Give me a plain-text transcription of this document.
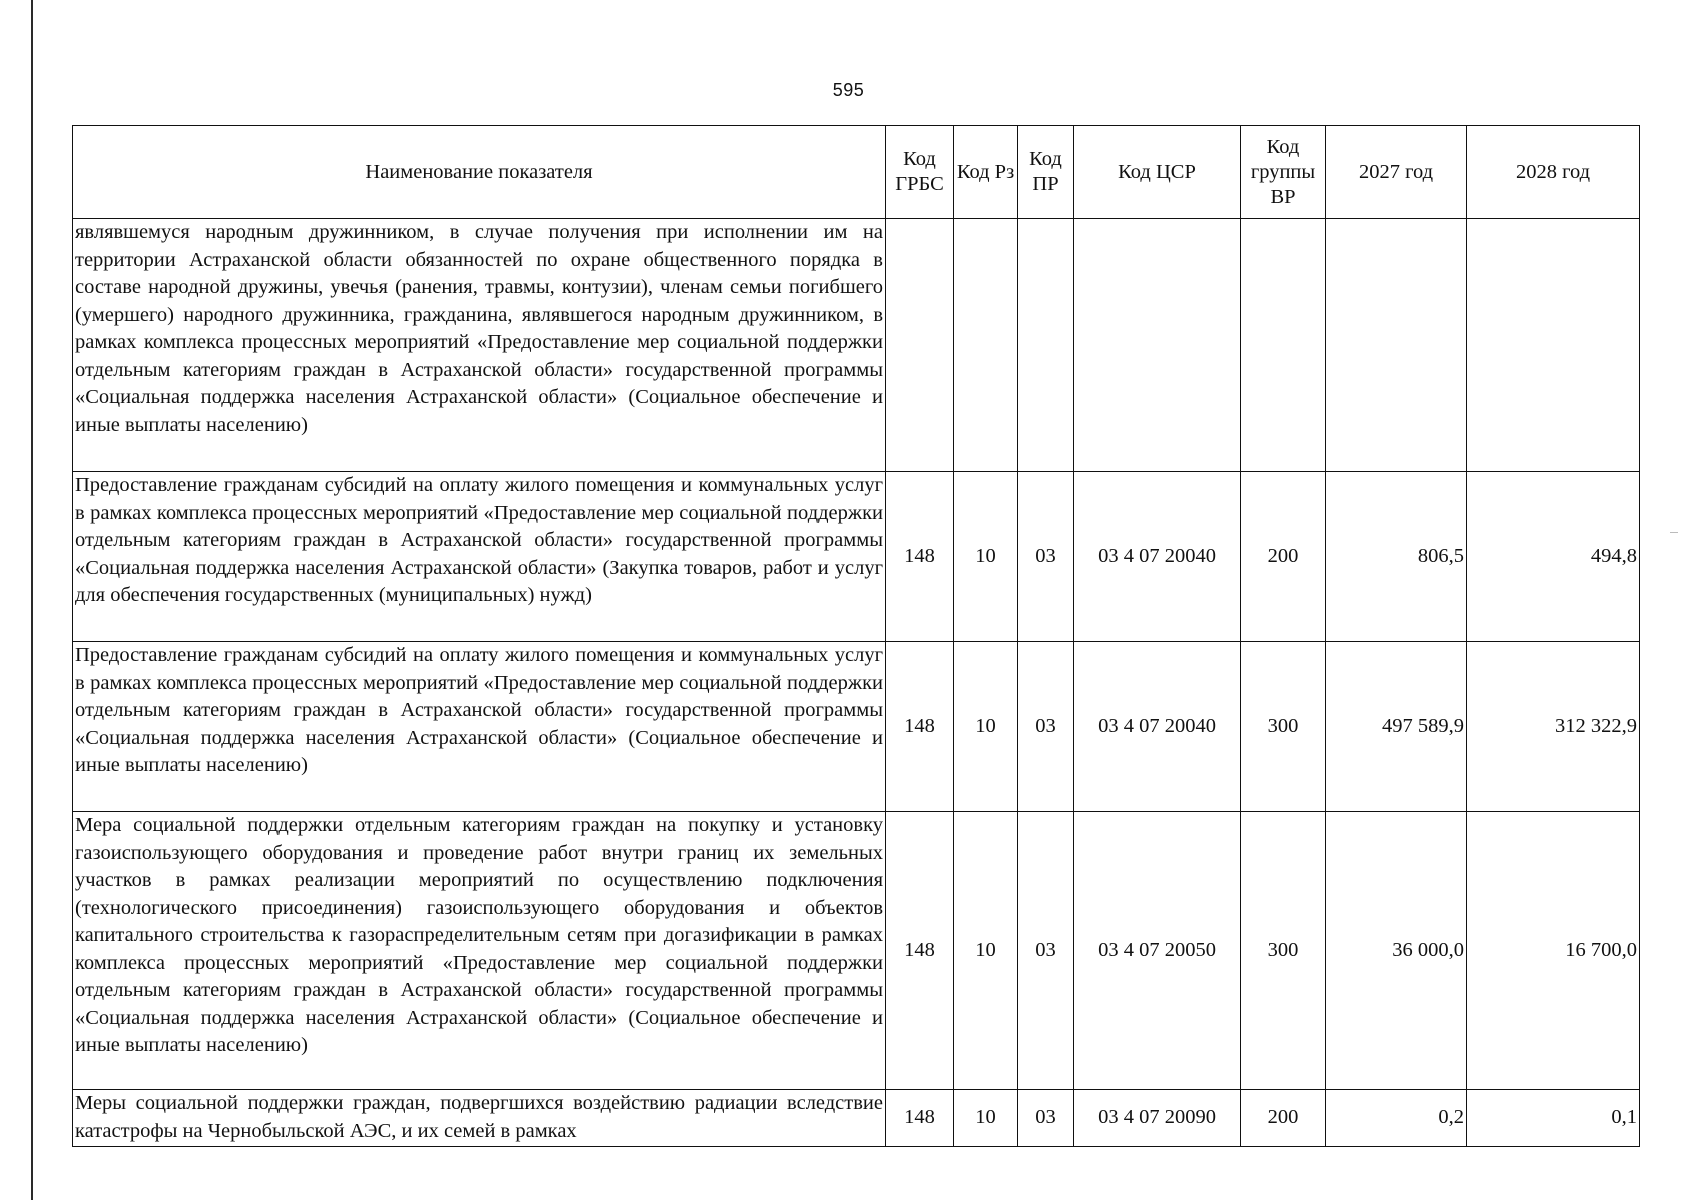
595
Наименование показателя	Код ГРБС	Код Рз	Код ПР	Код ЦСР	Код группы ВР	2027 год	2028 год
являвшемуся народным дружинником, в случае получения при исполнении им на территории Астраханской области обязанностей по охране общественного порядка в составе народной дружины, увечья (ранения, травмы, контузии), членам семьи погибшего (умершего) народного дружинника, гражданина, являвшегося народным дружинником, в рамках комплекса процессных мероприятий «Предоставление мер социальной поддержки отдельным категориям граждан в Астраханской области» государственной программы «Социальная поддержка населения Астраханской области» (Социальное обеспечение и иные выплаты населению)							
Предоставление гражданам субсидий на оплату жилого помещения и коммунальных услуг в рамках комплекса процессных мероприятий «Предоставление мер социальной поддержки отдельным категориям граждан в Астраханской области» государственной программы «Социальная поддержка населения Астраханской области» (Закупка товаров, работ и услуг для обеспечения государственных (муниципальных) нужд)	148	10	03	03 4 07 20040	200	806,5	494,8
Предоставление гражданам субсидий на оплату жилого помещения и коммунальных услуг в рамках комплекса процессных мероприятий «Предоставление мер социальной поддержки отдельным категориям граждан в Астраханской области» государственной программы «Социальная поддержка населения Астраханской области» (Социальное обеспечение и иные выплаты населению)	148	10	03	03 4 07 20040	300	497 589,9	312 322,9
Мера социальной поддержки отдельным категориям граждан на покупку и установку газоиспользующего оборудования и проведение работ внутри границ их земельных участков в рамках реализации мероприятий по осуществлению подключения (технологического присоединения) газоиспользующего оборудования и объектов капитального строительства к газораспределительным сетям при догазификации в рамках комплекса процессных мероприятий «Предоставление мер социальной поддержки отдельным категориям граждан в Астраханской области» государственной программы «Социальная поддержка населения Астраханской области» (Социальное обеспечение и иные выплаты населению)	148	10	03	03 4 07 20050	300	36 000,0	16 700,0

Меры социальной поддержки граждан, подвергшихся воздействию радиации вследствие катастрофы на Чернобыльской АЭС, и их семей в рамках	148	10	03	03 4 07 20090	200	0,2	0,1
